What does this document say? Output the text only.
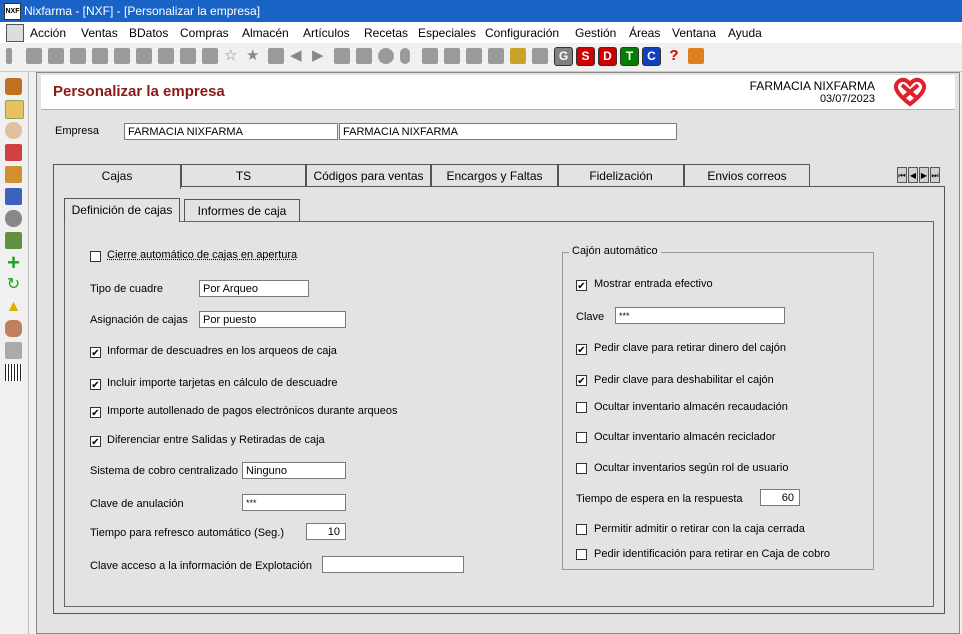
NXF Nixfarma - [NXF] - [Personalizar la empresa]
Acción Ventas BDatos Compras Almacén Artículos Recetas Especiales Configuración Gestión Áreas Ventana Ayuda
☆ ★ ◀ ▶	G	S	D	T	C ?
+
↻
▲
Personalizar la empresa	FARMACIA NIXFARMA
03/07/2023
Empresa	FARMACIA NIXFARMA	FARMACIA NIXFARMA
Cajas	TS	Códigos para ventas	Encargos y Faltas	Fidelización	Envios correos	⏮ ◀ ▶ ⏭
Definición de cajas	Informes de caja
Cierre automático de cajas en apertura
Tipo de cuadre	Por Arqueo
Asignación de cajas	Por puesto
✔ Informar de descuadres en los arqueos de caja
✔ Incluir importe tarjetas en cálculo de descuadre
✔ Importe autollenado de pagos electrónicos durante arqueos
✔ Diferenciar entre Salidas y Retiradas de caja
Sistema de cobro centralizado Ninguno
Clave de anulación	***
Tiempo para refresco automático (Seg.)	10
Clave acceso a la información de Explotación
Cajón automático
✔ Mostrar entrada efectivo
Clave	***
✔ Pedir clave para retirar dinero del cajón
✔ Pedir clave para deshabilitar el cajón
Ocultar inventario almacén recaudación
Ocultar inventario almacén reciclador
Ocultar inventarios según rol de usuario
Tiempo de espera en la respuesta	60
Permitir admitir o retirar con la caja cerrada
Pedir identificación para retirar en Caja de cobro
